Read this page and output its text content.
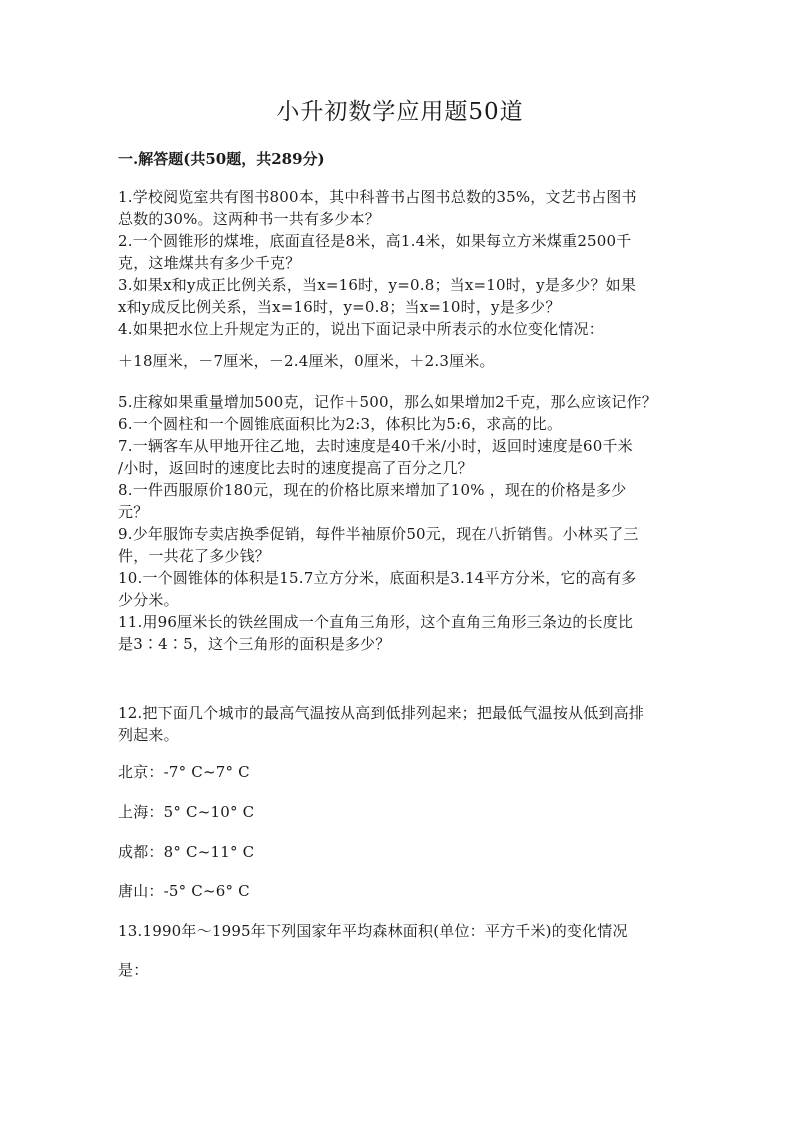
小升初数学应用题50道
一.解答题(共50题，共289分)
1.学校阅览室共有图书800本，其中科普书占图书总数的35%，文艺书占图书
总数的30%。这两种书一共有多少本？
2.一个圆锥形的煤堆，底面直径是8米，高1.4米，如果每立方米煤重2500千
克，这堆煤共有多少千克？
3.如果x和y成正比例关系，当x=16时，y=0.8；当x=10时，y是多少？如果
x和y成反比例关系，当x=16时，y=0.8；当x=10时，y是多少？
4.如果把水位上升规定为正的，说出下面记录中所表示的水位变化情况：
＋18厘米，－7厘米，－2.4厘米，0厘米，＋2.3厘米。
5.庄稼如果重量增加500克，记作＋500，那么如果增加2千克，那么应该记作？
6.一个圆柱和一个圆锥底面积比为2:3，体积比为5:6，求高的比。
7.一辆客车从甲地开往乙地，去时速度是40千米/小时，返回时速度是60千米
/小时，返回时的速度比去时的速度提高了百分之几？
8.一件西服原价180元，现在的价格比原来增加了10% ，现在的价格是多少
元？
9.少年服饰专卖店换季促销，每件半袖原价50元，现在八折销售。小林买了三
件，一共花了多少钱？
10.一个圆锥体的体积是15.7立方分米，底面积是3.14平方分米，它的高有多
少分米。
11.用96厘米长的铁丝围成一个直角三角形，这个直角三角形三条边的长度比
是3∶4∶5，这个三角形的面积是多少？
12.把下面几个城市的最高气温按从高到低排列起来；把最低气温按从低到高排
列起来。
北京：-7° C~7° C
上海：5° C~10° C
成都：8° C~11° C
唐山：-5° C~6° C
13.1990年～1995年下列国家年平均森林面积(单位：平方千米)的变化情况
是：
